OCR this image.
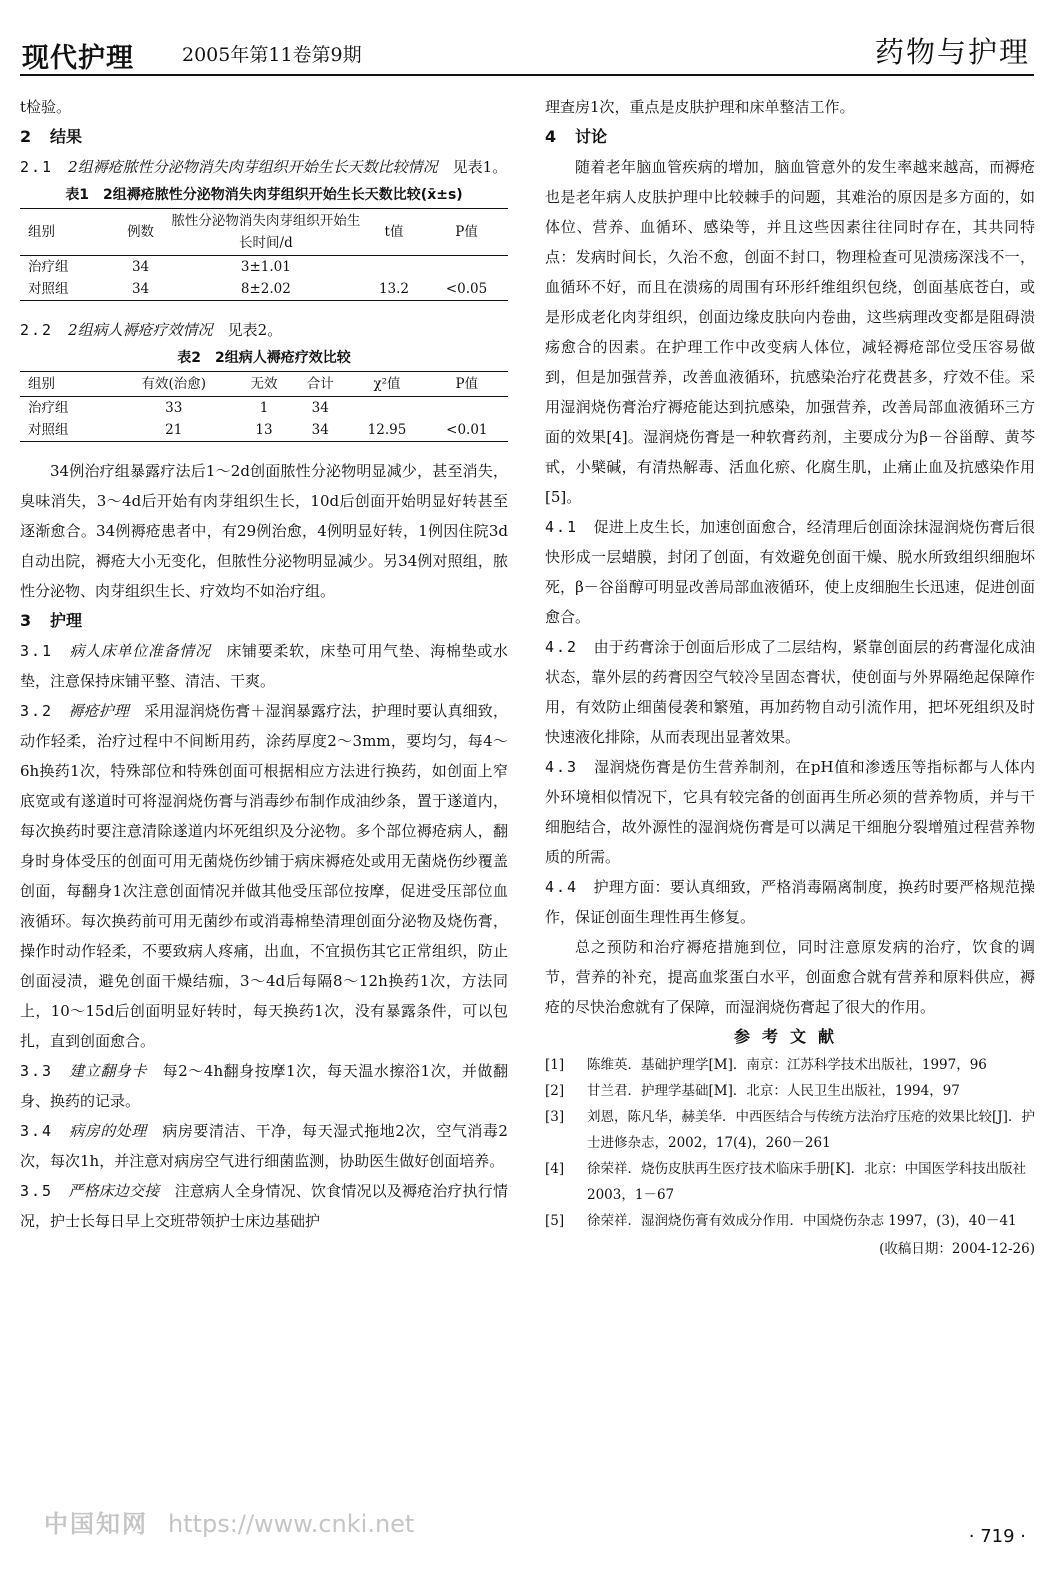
现代护理	2005年第11卷第9期	药物与护理

t检验。

2 结果

2.1　 2组褥疮脓性分泌物消失肉芽组织开始生长天数比较情况　 见表1。

表1　2组褥疮脓性分泌物消失肉芽组织开始生长天数比较(x̄±s)
组别	例数	脓性分泌物消失肉芽组织开始生长时间/d	t值	P值
治疗组	34	3±1.01		
对照组	34	8±2.02	13.2	<0.05

2.2　 2组病人褥疮疗效情况　 见表2。

表2　2组病人褥疮疗效比较
组别	有效(治愈)	无效	合计	χ²值	P值
治疗组	33	1	34		
对照组	21	13	34	12.95	<0.01

34例治疗组暴露疗法后1～2d创面脓性分泌物明显减少，甚至消失，臭味消失，3～4d后开始有肉芽组织生长，10d后创面开始明显好转甚至逐渐愈合。34例褥疮患者中，有29例治愈，4例明显好转，1例因住院3d自动出院，褥疮大小无变化，但脓性分泌物明显减少。另34例对照组，脓性分泌物、肉芽组织生长、疗效均不如治疗组。

3 护理

3.1　 病人床单位准备情况　 床铺要柔软，床垫可用气垫、海棉垫或水垫，注意保持床铺平整、清洁、干爽。

3.2　 褥疮护理　 采用湿润烧伤膏＋湿润暴露疗法，护理时要认真细致，动作轻柔，治疗过程中不间断用药，涂药厚度2～3mm，要均匀，每4～6h换药1次，特殊部位和特殊创面可根据相应方法进行换药，如创面上窄底宽或有遂道时可将湿润烧伤膏与消毒纱布制作成油纱条，置于遂道内，每次换药时要注意清除遂道内坏死组织及分泌物。多个部位褥疮病人，翻身时身体受压的创面可用无菌烧伤纱铺于病床褥疮处或用无菌烧伤纱覆盖创面，每翻身1次注意创面情况并做其他受压部位按摩，促进受压部位血液循环。每次换药前可用无菌纱布或消毒棉垫清理创面分泌物及烧伤膏，操作时动作轻柔，不要致病人疼痛，出血，不宜损伤其它正常组织，防止创面浸渍，避免创面干燥结痂，3～4d后每隔8～12h换药1次，方法同上，10～15d后创面明显好转时，每天换药1次，没有暴露条件，可以包扎，直到创面愈合。

3.3　 建立翻身卡　 每2～4h翻身按摩1次，每天温水擦浴1次，并做翻身、换药的记录。

3.4　 病房的处理　 病房要清洁、干净，每天湿式拖地2次，空气消毒2次，每次1h，并注意对病房空气进行细菌监测，协助医生做好创面培养。

3.5　 严格床边交接　 注意病人全身情况、饮食情况以及褥疮治疗执行情况，护士长每日早上交班带领护士床边基础护

理查房1次，重点是皮肤护理和床单整洁工作。

4 讨论

随着老年脑血管疾病的增加，脑血管意外的发生率越来越高，而褥疮也是老年病人皮肤护理中比较棘手的问题，其难治的原因是多方面的，如体位、营养、血循环、感染等，并且这些因素往往同时存在，其共同特点：发病时间长，久治不愈，创面不封口，物理检查可见溃疡深浅不一，血循环不好，而且在溃疡的周围有环形纤维组织包绕，创面基底苍白，或是形成老化肉芽组织，创面边缘皮肤向内卷曲，这些病理改变都是阻碍溃疡愈合的因素。在护理工作中改变病人体位，减轻褥疮部位受压容易做到，但是加强营养，改善血液循环，抗感染治疗花费甚多，疗效不佳。采用湿润烧伤膏治疗褥疮能达到抗感染，加强营养，改善局部血液循环三方面的效果[4]。湿润烧伤膏是一种软膏药剂，主要成分为β－谷甾醇、黄芩甙，小檗碱，有清热解毒、活血化瘀、化腐生肌，止痛止血及抗感染作用[5]。

4.1　 促进上皮生长，加速创面愈合，经清理后创面涂抹湿润烧伤膏后很快形成一层蜡膜，封闭了创面，有效避免创面干燥、脱水所致组织细胞坏死，β－谷甾醇可明显改善局部血液循环，使上皮细胞生长迅速，促进创面愈合。

4.2　 由于药膏涂于创面后形成了二层结构，紧靠创面层的药膏湿化成油状态，靠外层的药膏因空气较冷呈固态膏状，使创面与外界隔绝起保障作用，有效防止细菌侵袭和繁殖，再加药物自动引流作用，把坏死组织及时快速液化排除，从而表现出显著效果。

4.3　 湿润烧伤膏是仿生营养制剂，在pH值和渗透压等指标都与人体内外环境相似情况下，它具有较完备的创面再生所必须的营养物质，并与干细胞结合，故外源性的湿润烧伤膏是可以满足干细胞分裂增殖过程营养物质的所需。

4.4　 护理方面：要认真细致，严格消毒隔离制度，换药时要严格规范操作，保证创面生理性再生修复。

总之预防和治疗褥疮措施到位，同时注意原发病的治疗，饮食的调节，营养的补充，提高血浆蛋白水平，创面愈合就有营养和原料供应，褥疮的尽快治愈就有了保障，而湿润烧伤膏起了很大的作用。

参考文献
[1]	陈维英．基础护理学[M]．南京：江苏科学技术出版社，1997，96
[2]	甘兰君．护理学基础[M]．北京：人民卫生出版社，1994，97
[3]	刘恩，陈凡华，赫美华．中西医结合与传统方法治疗压疮的效果比较[J]．护士进修杂志，2002，17(4)，260－261
[4]	徐荣祥．烧伤皮肤再生医疗技术临床手册[K]．北京：中国医学科技出版社 2003，1－67
[5]	徐荣祥．湿润烧伤膏有效成分作用．中国烧伤杂志 1997，(3)，40－41
(收稿日期：2004-12-26)
中国知网 https://www.cnki.net	· 719 ·
